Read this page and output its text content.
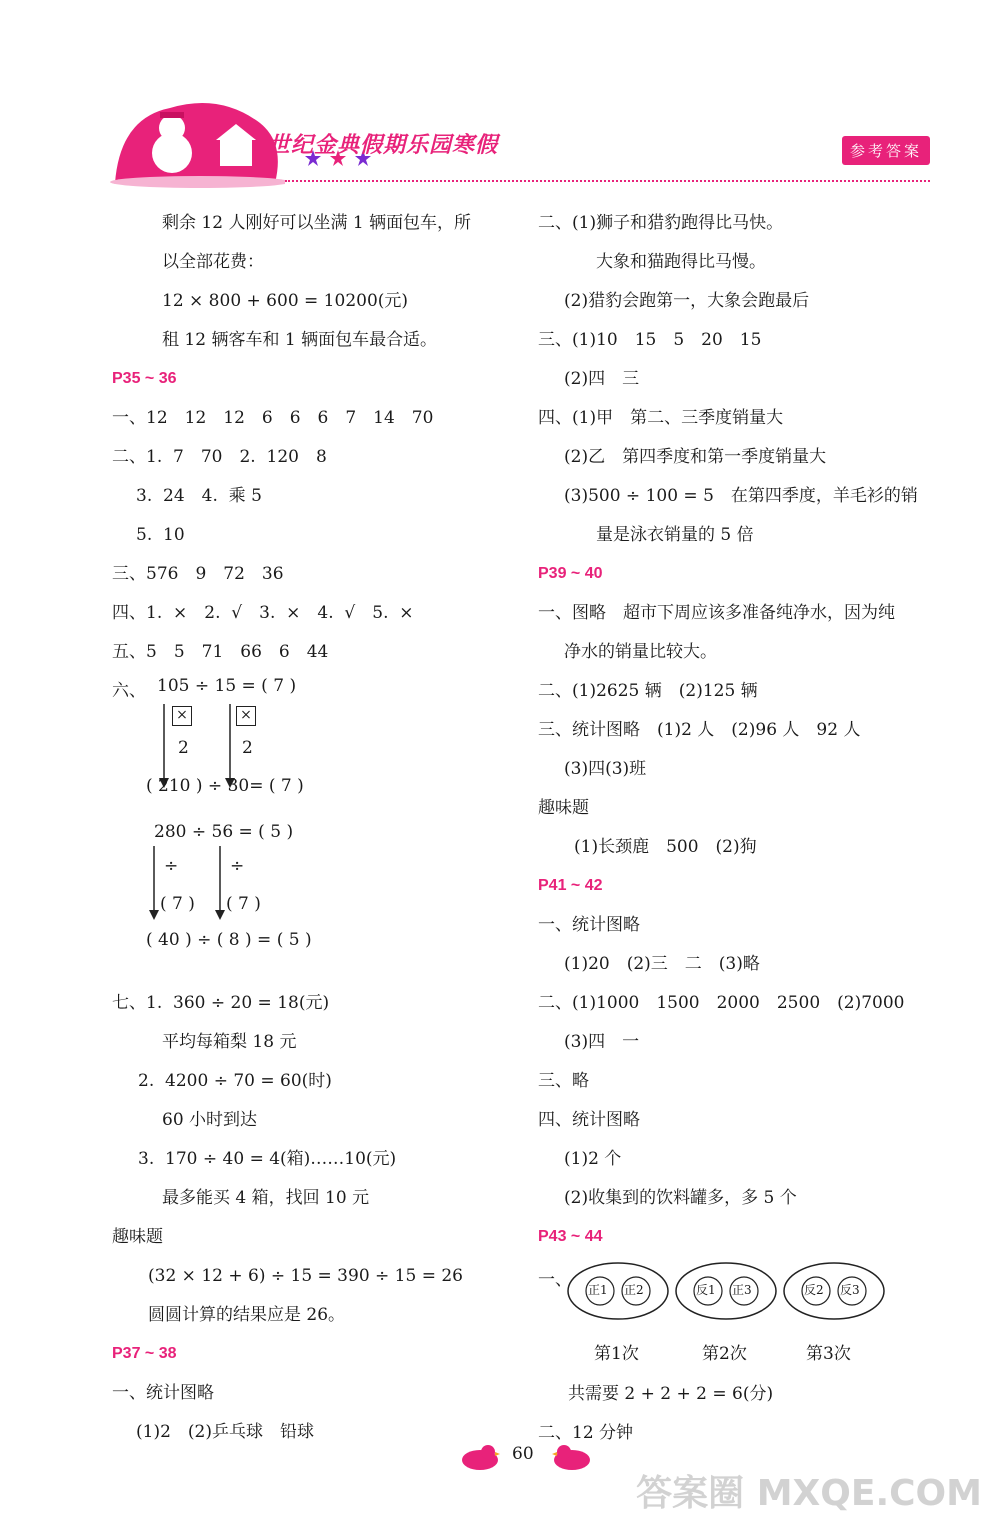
世纪金典假期乐园寒假	参考答案
剩余 12 人刚好可以坐满 1 辆面包车，所
以全部花费：
12 × 800 + 600 = 10200(元)
租 12 辆客车和 1 辆面包车最合适。
P35 ~ 36
一、12　12　12　6　6　6　7　14　70
二、1.  7　70　2.  120　8
3.  24　4.  乘 5
5.  10
三、576　9　72　36
四、1.  ×　2.  √　3.  ×　4.  √　5.  ×
五、5　5　71　66　6　44
六、 105 ÷ 15 = ( 7 )
×	×
2	2
( 210 ) ÷ 30= ( 7 )
280 ÷ 56 = ( 5 )
÷	÷
( 7 ) ( 7 )
( 40 ) ÷ ( 8 ) = ( 5 )
七、1.  360 ÷ 20 = 18(元)
平均每箱梨 18 元
2.  4200 ÷ 70 = 60(时)
60 小时到达
3.  170 ÷ 40 = 4(箱)……10(元)
最多能买 4 箱，找回 10 元
趣味题
(32 × 12 + 6) ÷ 15 = 390 ÷ 15 = 26
圆圆计算的结果应是 26。
P37 ~ 38
一、统计图略
(1)2　(2)乒乓球　铅球
二、(1)狮子和猎豹跑得比马快。
大象和猫跑得比马慢。
(2)猎豹会跑第一，大象会跑最后
三、(1)10　15　5　20　15
(2)四　三
四、(1)甲　第二、三季度销量大
(2)乙　第四季度和第一季度销量大
(3)500 ÷ 100 = 5　在第四季度，羊毛衫的销
量是泳衣销量的 5 倍
P39 ~ 40
一、图略　超市下周应该多准备纯净水，因为纯
净水的销量比较大。
二、(1)2625 辆　(2)125 辆
三、统计图略　(1)2 人　(2)96 人　92 人
(3)四(3)班
趣味题
(1)长颈鹿　500　(2)狗
P41 ~ 42
一、统计图略
(1)20　(2)三　二　(3)略
二、(1)1000　1500　2000　2500　(2)7000
(3)四　一
三、略
四、统计图略
(1)2 个
(2)收集到的饮料罐多，多 5 个
P43 ~ 44
一、 正1 正2	反1 正3	反2 反3
第1次	第2次	第3次
共需要 2 + 2 + 2 = 6(分)
二、12 分钟
60
答案圈 MXQE.COM
